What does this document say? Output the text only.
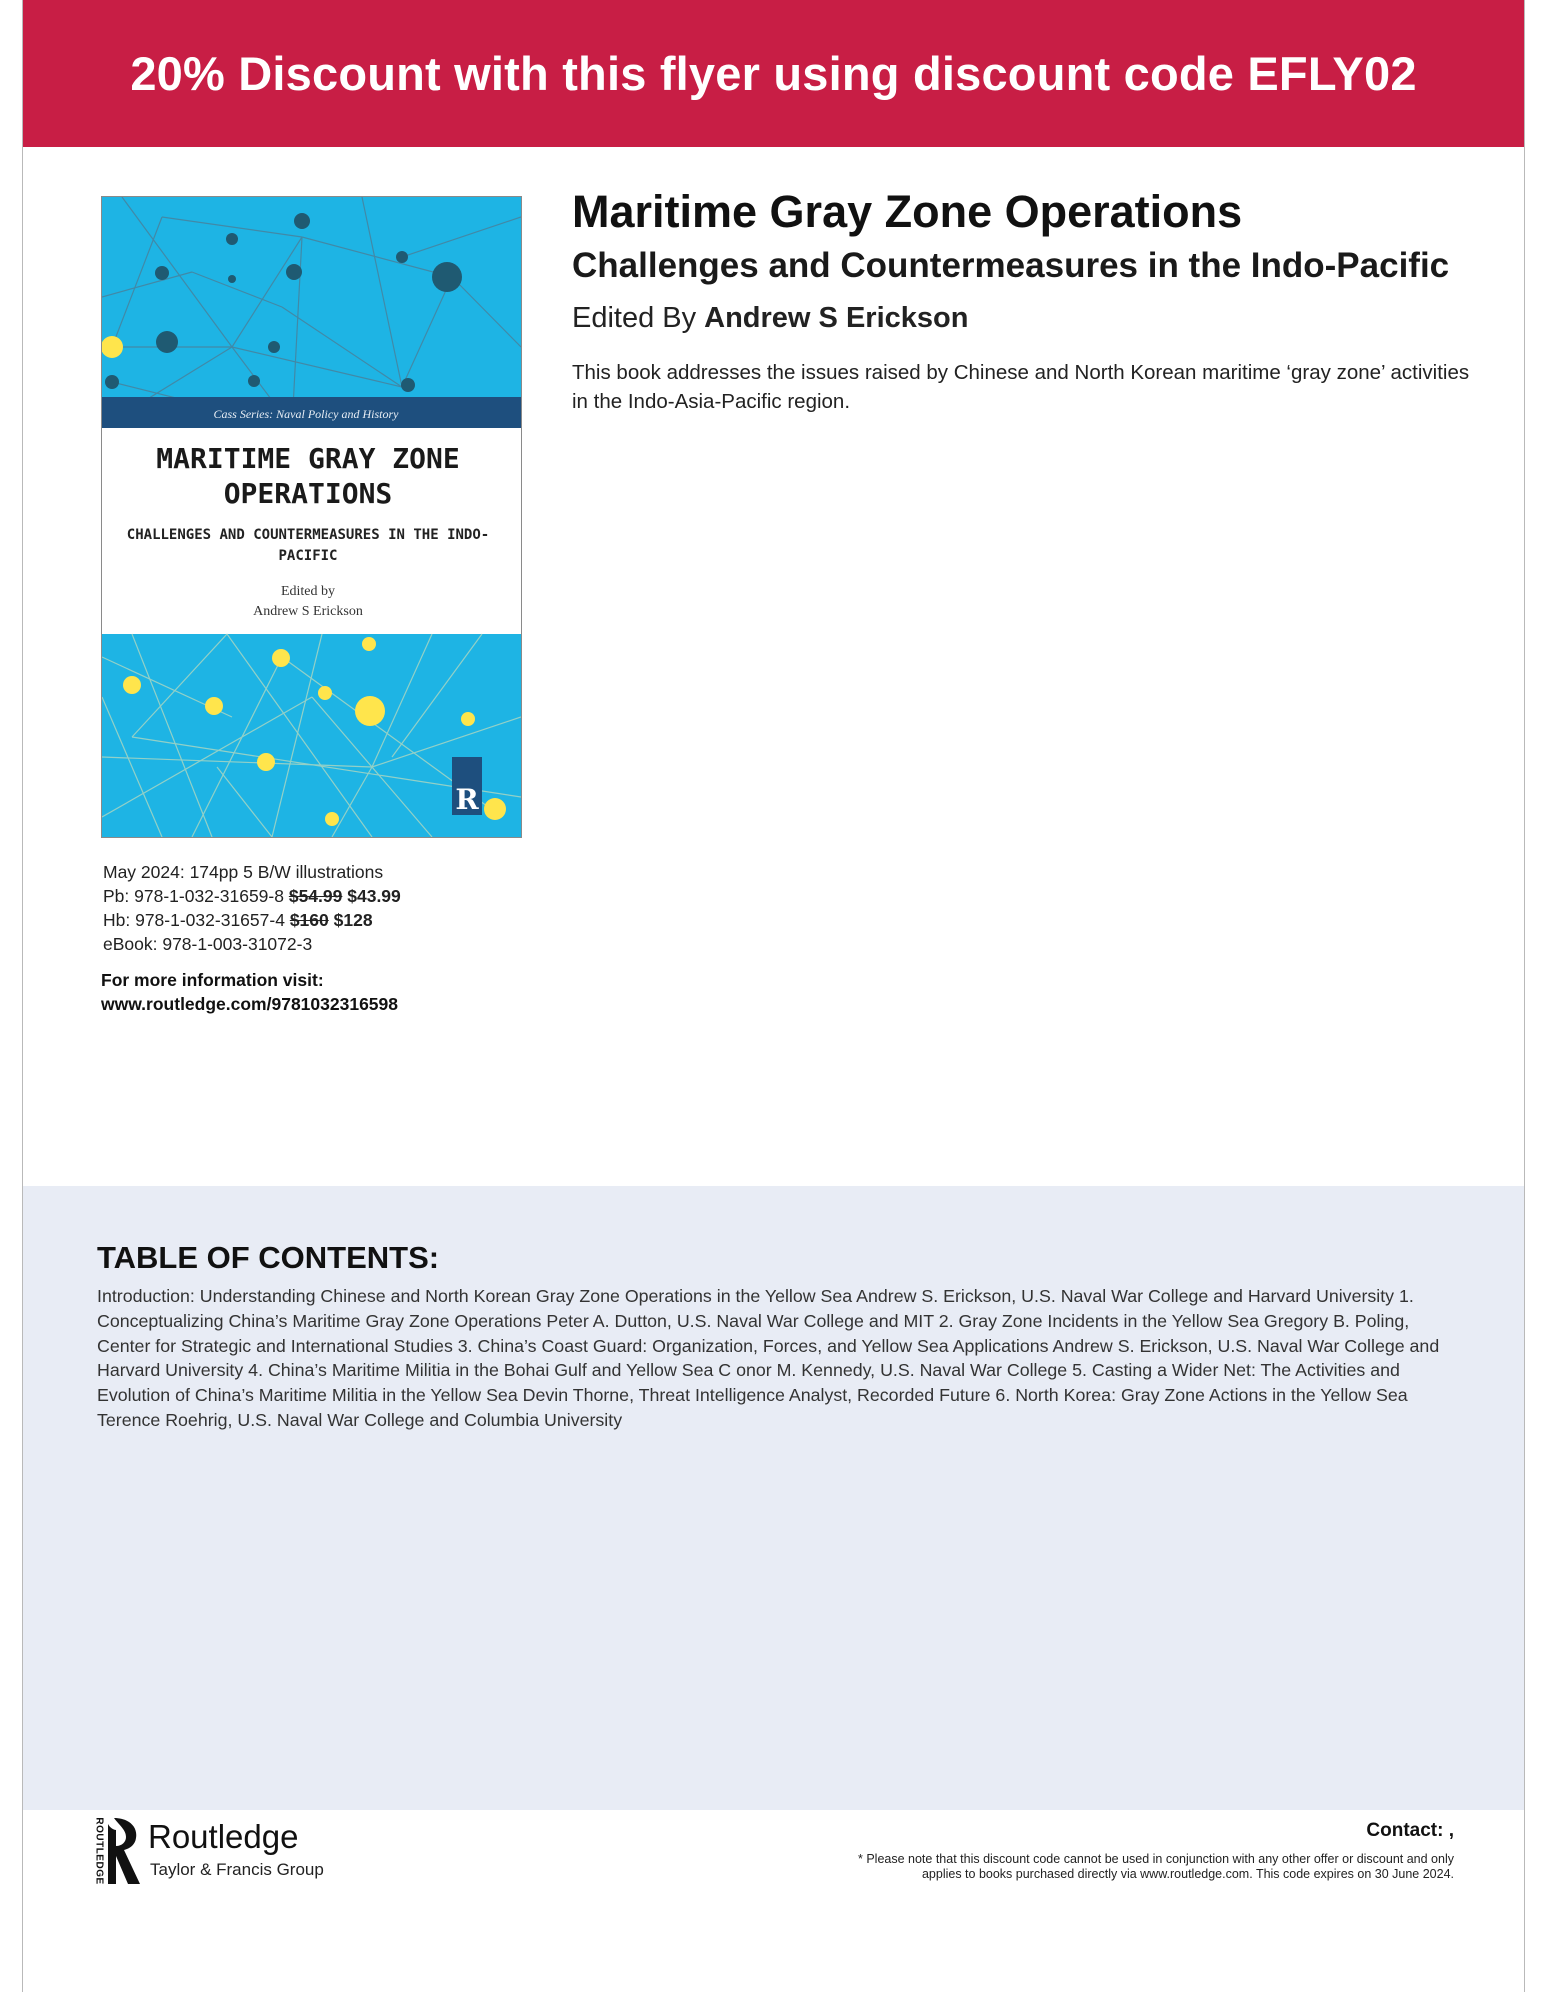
20% Discount with this flyer using discount code EFLY02
Cass Series: Naval Policy and History
MARITIME GRAY ZONE
OPERATIONS
CHALLENGES AND COUNTERMEASURES IN THE INDO-
PACIFIC
Edited by
Andrew S Erickson
R
May 2024: 174pp 5 B/W illustrations
Pb: 978-1-032-31659-8 $54.99 $43.99
Hb: 978-1-032-31657-4 $160 $128
eBook: 978-1-003-31072-3
For more information visit:
www.routledge.com/9781032316598
Maritime Gray Zone Operations
Challenges and Countermeasures in the Indo-Pacific
Edited By Andrew S Erickson

This book addresses the issues raised by Chinese and North Korean maritime ‘gray zone’ activities in the Indo-Asia-Pacific region.

TABLE OF CONTENTS:

Introduction: Understanding Chinese and North Korean Gray Zone Operations in the Yellow Sea Andrew S. Erickson, U.S. Naval War College and Harvard University 1. Conceptualizing China’s Maritime Gray Zone Operations Peter A. Dutton, U.S. Naval War College and MIT 2. Gray Zone Incidents in the Yellow Sea Gregory B. Poling, Center for Strategic and International Studies 3. China’s Coast Guard: Organization, Forces, and Yellow Sea Applications Andrew S. Erickson, U.S. Naval War College and Harvard University 4. China’s Maritime Militia in the Bohai Gulf and Yellow Sea C onor M. Kennedy, U.S. Naval War College 5. Casting a Wider Net: The Activities and Evolution of China’s Maritime Militia in the Yellow Sea Devin Thorne, Threat Intelligence Analyst, Recorded Future 6. North Korea: Gray Zone Actions in the Yellow Sea Terence Roehrig, U.S. Naval War College and Columbia University

ROUTLEDGE Routledge
Taylor & Francis Group
Contact: ,
* Please note that this discount code cannot be used in conjunction with any other offer or discount and only
applies to books purchased directly via www.routledge.com. This code expires on 30 June 2024.
